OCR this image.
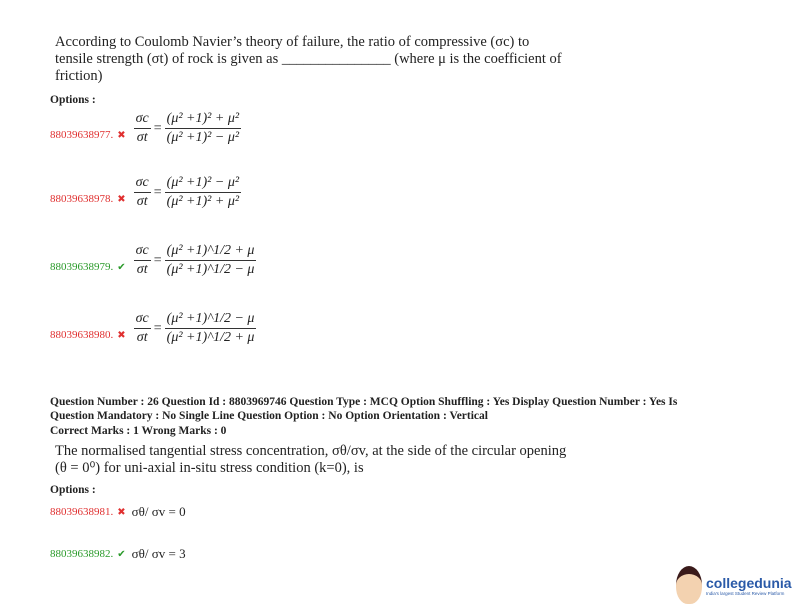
According to Coulomb Navier’s theory of failure, the ratio of compressive (σc) to
tensile strength (σt) of rock is given as _______________ (where μ is the coefficient of
friction)
Options :
88039638977. ✖ $\frac{\sigma c}{\sigma t} = \frac{\text{(μ² +1)² + μ²}}{\text{(μ² +1)² − μ²}}$
88039638978. ✖ $\frac{\sigma c}{\sigma t} = \frac{\text{(μ² +1)² − μ²}}{\text{(μ² +1)² + μ²}}$
88039638979. ✔ $\frac{\sigma c}{\sigma t} = \frac{\text{(μ² +1)\textasciicircum{}1/2 + μ}}{\text{(μ² +1)\textasciicircum{}1/2 − μ}}$
88039638980. ✖ $\frac{\sigma c}{\sigma t} = \frac{\text{(μ² +1)\textasciicircum{}1/2 − μ}}{\text{(μ² +1)\textasciicircum{}1/2 + μ}}$
Question Number : 26 Question Id : 8803969746 Question Type : MCQ Option Shuffling : Yes Display Question Number : Yes Is
Question Mandatory : No Single Line Question Option : No Option Orientation : Vertical
Correct Marks : 1 Wrong Marks : 0
The normalised tangential stress concentration, σθ/σv, at the side of the circular opening
(θ = 0⁰) for uni-axial in-situ stress condition (k=0), is
Options :
88039638981. ✖ σθ/ σv = 0
88039638982. ✔ σθ/ σv = 3
collegedunia
India's largest Student Review Platform
